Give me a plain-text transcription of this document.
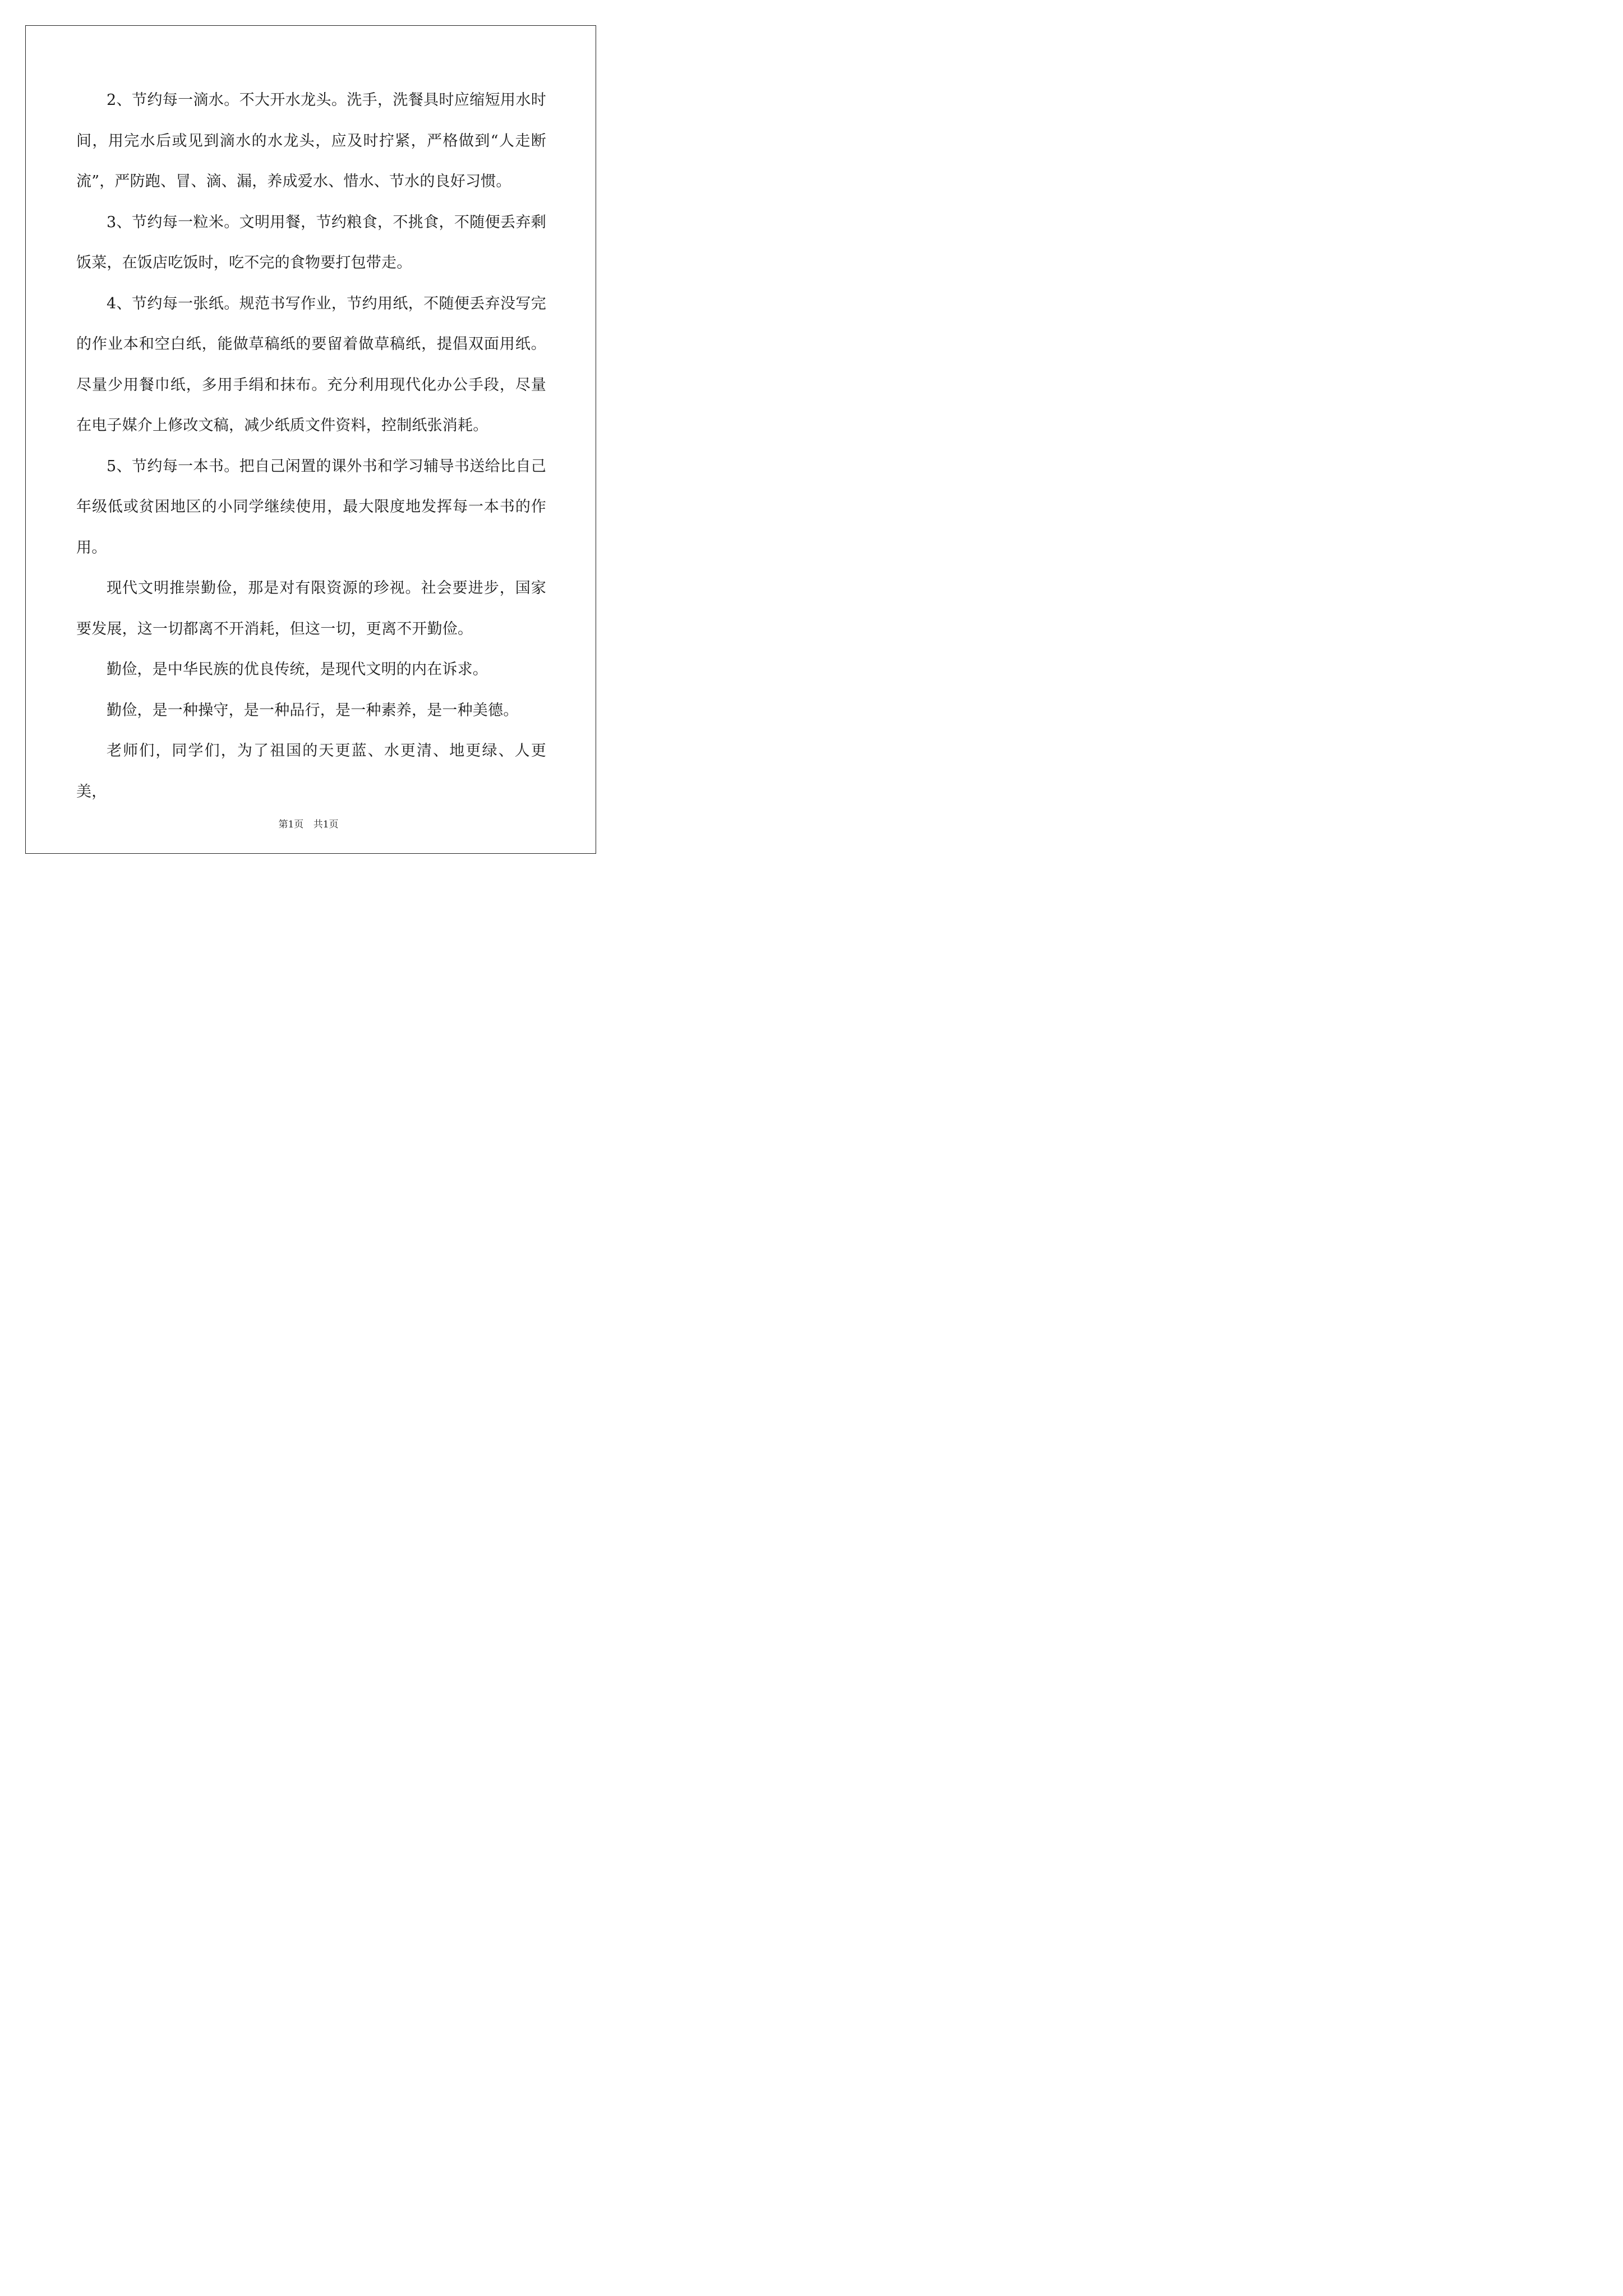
2、节约每一滴水。不大开水龙头。洗手，洗餐具时应缩短用水时间，用完水后或见到滴水的水龙头，应及时拧紧，严格做到“人走断流”，严防跑、冒、滴、漏，养成爱水、惜水、节水的良好习惯。

3、节约每一粒米。文明用餐，节约粮食，不挑食，不随便丢弃剩饭菜，在饭店吃饭时，吃不完的食物要打包带走。

4、节约每一张纸。规范书写作业，节约用纸，不随便丢弃没写完的作业本和空白纸，能做草稿纸的要留着做草稿纸，提倡双面用纸。尽量少用餐巾纸，多用手绢和抹布。充分利用现代化办公手段，尽量在电子媒介上修改文稿，减少纸质文件资料，控制纸张消耗。

5、节约每一本书。把自己闲置的课外书和学习辅导书送给比自己年级低或贫困地区的小同学继续使用，最大限度地发挥每一本书的作用。

现代文明推崇勤俭，那是对有限资源的珍视。社会要进步，国家要发展，这一切都离不开消耗，但这一切，更离不开勤俭。

勤俭，是中华民族的优良传统，是现代文明的内在诉求。

勤俭，是一种操守，是一种品行，是一种素养，是一种美德。

老师们，同学们，为了祖国的天更蓝、水更清、地更绿、人更美，

第1页 共1页
